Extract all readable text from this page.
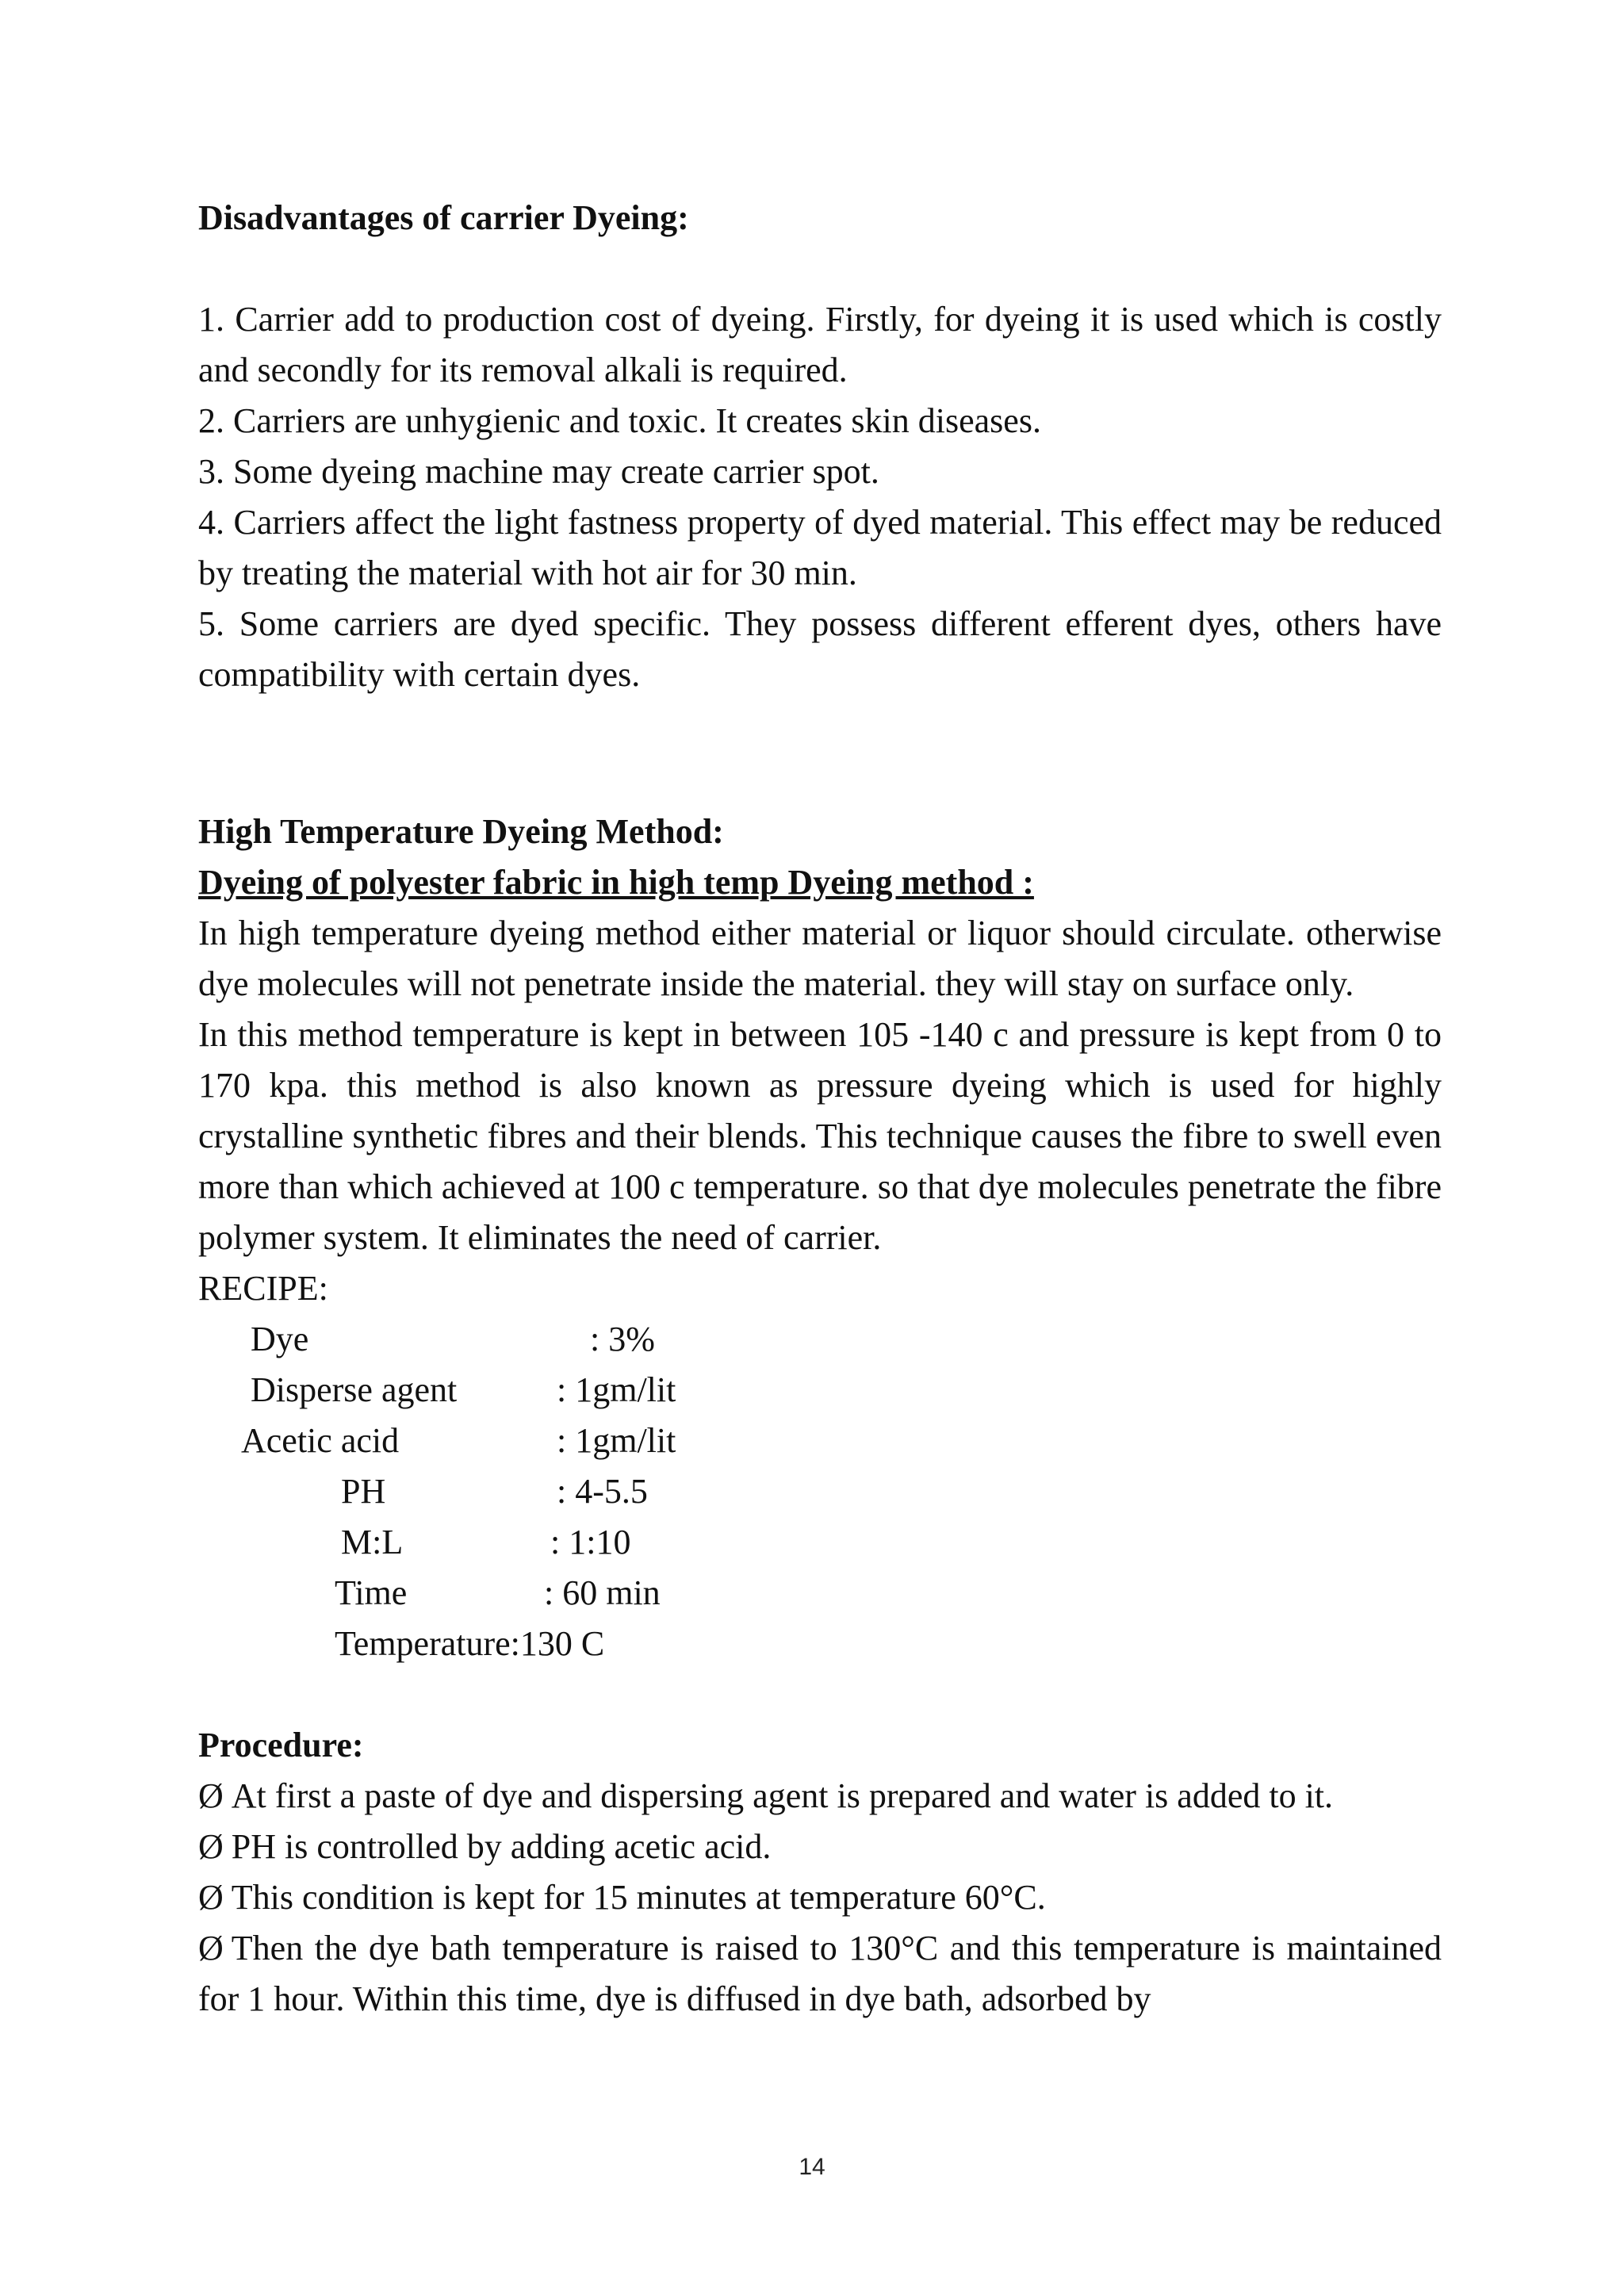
Disadvantages of carrier Dyeing:

1. Carrier add to production cost of dyeing. Firstly, for dyeing it is used which is costly and secondly for its removal alkali is required.
2. Carriers are unhygienic and toxic. It creates skin diseases.
3. Some dyeing machine may create carrier spot.
4. Carriers affect the light fastness property of dyed material. This effect may be reduced by treating the material with hot air for 30 min.
5. Some carriers are dyed specific. They possess different efferent dyes, others have compatibility with certain dyes.

High Temperature Dyeing Method:

Dyeing of polyester fabric in high temp Dyeing method :

In high temperature dyeing method either material or liquor should circulate. otherwise dye molecules will not penetrate inside the material. they will stay on surface only.

In this method temperature is kept in between 105 -140 c and pressure is kept from 0 to 170 kpa. this method is also known as pressure dyeing which is used for highly crystalline synthetic fibres and their blends. This technique causes the fibre to swell even more than which achieved at 100 c temperature. so that dye molecules penetrate the fibre polymer system. It eliminates the need of carrier.

RECIPE:

Dye	: 3%
Disperse agent	: 1gm/lit
Acetic acid	: 1gm/lit
PH	: 4-5.5
M:L	: 1:10
Time	: 60 min
Temperature:130 C

Procedure:

Ø At first a paste of dye and dispersing agent is prepared and water is added to it.
Ø PH is controlled by adding acetic acid.
Ø This condition is kept for 15 minutes at temperature 60°C.
Ø Then the dye bath temperature is raised to 130°C and this temperature is maintained for 1 hour. Within this time, dye is diffused in dye bath, adsorbed by
14
